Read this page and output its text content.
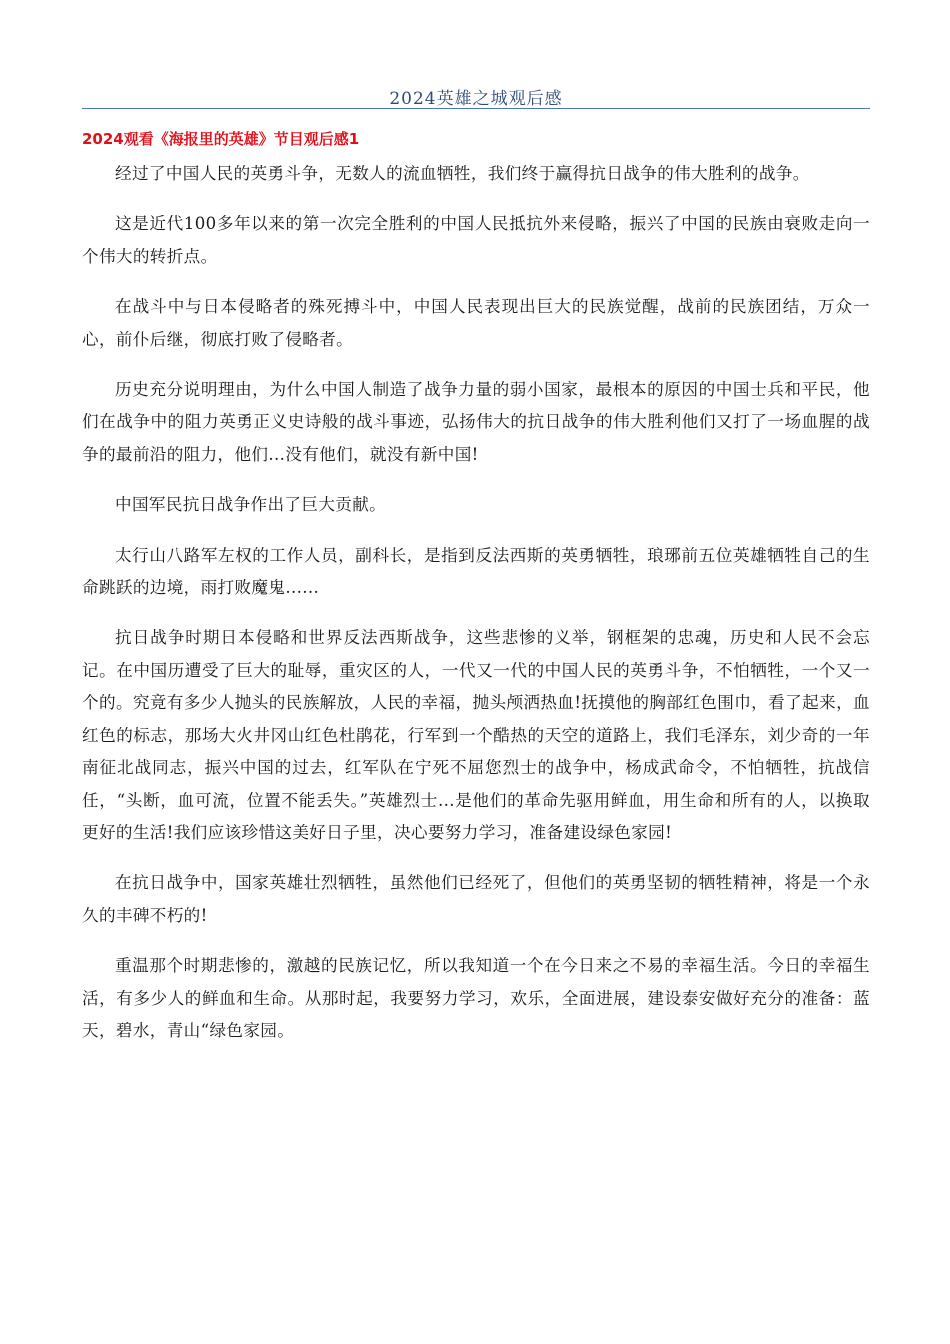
2024英雄之城观后感
2024观看《海报里的英雄》节目观后感1

经过了中国人民的英勇斗争，无数人的流血牺牲，我们终于赢得抗日战争的伟大胜利的战争。

这是近代100多年以来的第一次完全胜利的中国人民抵抗外来侵略，振兴了中国的民族由衰败走向一个伟大的转折点。

在战斗中与日本侵略者的殊死搏斗中，中国人民表现出巨大的民族觉醒，战前的民族团结，万众一心，前仆后继，彻底打败了侵略者。

历史充分说明理由，为什么中国人制造了战争力量的弱小国家，最根本的原因的中国士兵和平民，他们在战争中的阻力英勇正义史诗般的战斗事迹，弘扬伟大的抗日战争的伟大胜利他们又打了一场血腥的战争的最前沿的阻力，他们...没有他们，就没有新中国!

中国军民抗日战争作出了巨大贡献。

太行山八路军左权的工作人员，副科长，是指到反法西斯的英勇牺牲，琅琊前五位英雄牺牲自己的生命跳跃的边境，雨打败魔鬼......

抗日战争时期日本侵略和世界反法西斯战争，这些悲惨的义举，钢框架的忠魂，历史和人民不会忘记。在中国历遭受了巨大的耻辱，重灾区的人，一代又一代的中国人民的英勇斗争，不怕牺牲，一个又一个的。究竟有多少人抛头的民族解放，人民的幸福，抛头颅洒热血!抚摸他的胸部红色围巾，看了起来，血红色的标志，那场大火井冈山红色杜鹃花，行军到一个酷热的天空的道路上，我们毛泽东，刘少奇的一年南征北战同志，振兴中国的过去，红军队在宁死不屈您烈士的战争中，杨成武命令，不怕牺牲，抗战信任，“头断，血可流，位置不能丢失。”英雄烈士...是他们的革命先驱用鲜血，用生命和所有的人，以换取更好的生活!我们应该珍惜这美好日子里，决心要努力学习，准备建设绿色家园!

在抗日战争中，国家英雄壮烈牺牲，虽然他们已经死了，但他们的英勇坚韧的牺牲精神，将是一个永久的丰碑不朽的!

重温那个时期悲惨的，激越的民族记忆，所以我知道一个在今日来之不易的幸福生活。今日的幸福生活，有多少人的鲜血和生命。从那时起，我要努力学习，欢乐，全面进展，建设泰安做好充分的准备：蓝天，碧水，青山“绿色家园。
